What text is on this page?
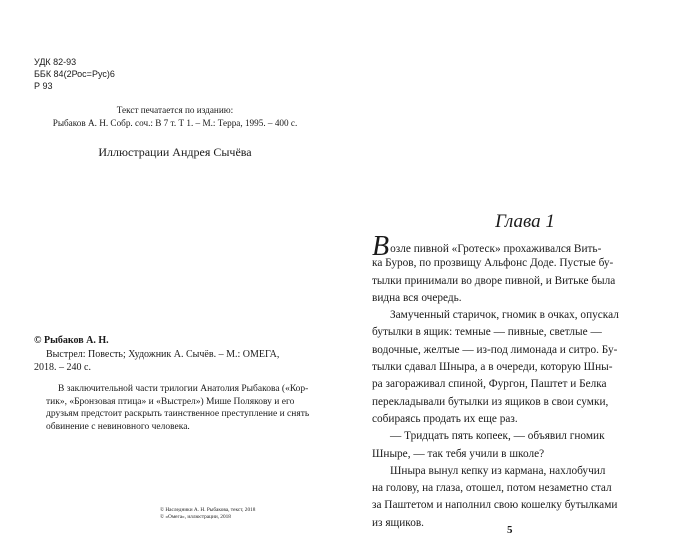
УДК 82-93
ББК 84(2Рос=Рус)6
Р 93
Текст печатается по изданию:
Рыбаков А. Н. Собр. соч.: В 7 т. Т 1. – М.: Терра, 1995. – 400 с.
Иллюстрации Андрея Сычёва
© Рыбаков А. Н.
Выстрел: Повесть; Художник А. Сычёв. – М.: ОМЕГА,
2018. – 240 с.
В заключительной части трилогии Анатолия Рыбакова («Кор-
тик», «Бронзовая птица» и «Выстрел») Мише Полякову и его
друзьям предстоит раскрыть таинственное преступление и снять
обвинение с невиновного человека.
© Наследники А. Н. Рыбакова, текст, 2018
© «Омега», иллюстрации, 2018
Глава 1
Возле пивной «Гротеск» прохаживался Вить-
ка Буров, по прозвищу Альфонс Доде. Пустые бу-
тылки принимали во дворе пивной, и Витьке была
видна вся очередь.
Замученный старичок, гномик в очках, опускал
бутылки в ящик: темные — пивные, светлые —
водочные, желтые — из-под лимонада и ситро. Бу-
тылки сдавал Шныра, а в очереди, которую Шны-
ра загораживал спиной, Фургон, Паштет и Белка
перекладывали бутылки из ящиков в свои сумки,
собираясь продать их еще раз.
— Тридцать пять копеек, — объявил гномик
Шныре, — так тебя учили в школе?
Шныра вынул кепку из кармана, нахлобучил
на голову, на глаза, отошел, потом незаметно стал
за Паштетом и наполнил свою кошелку бутылками
из ящиков.
5
